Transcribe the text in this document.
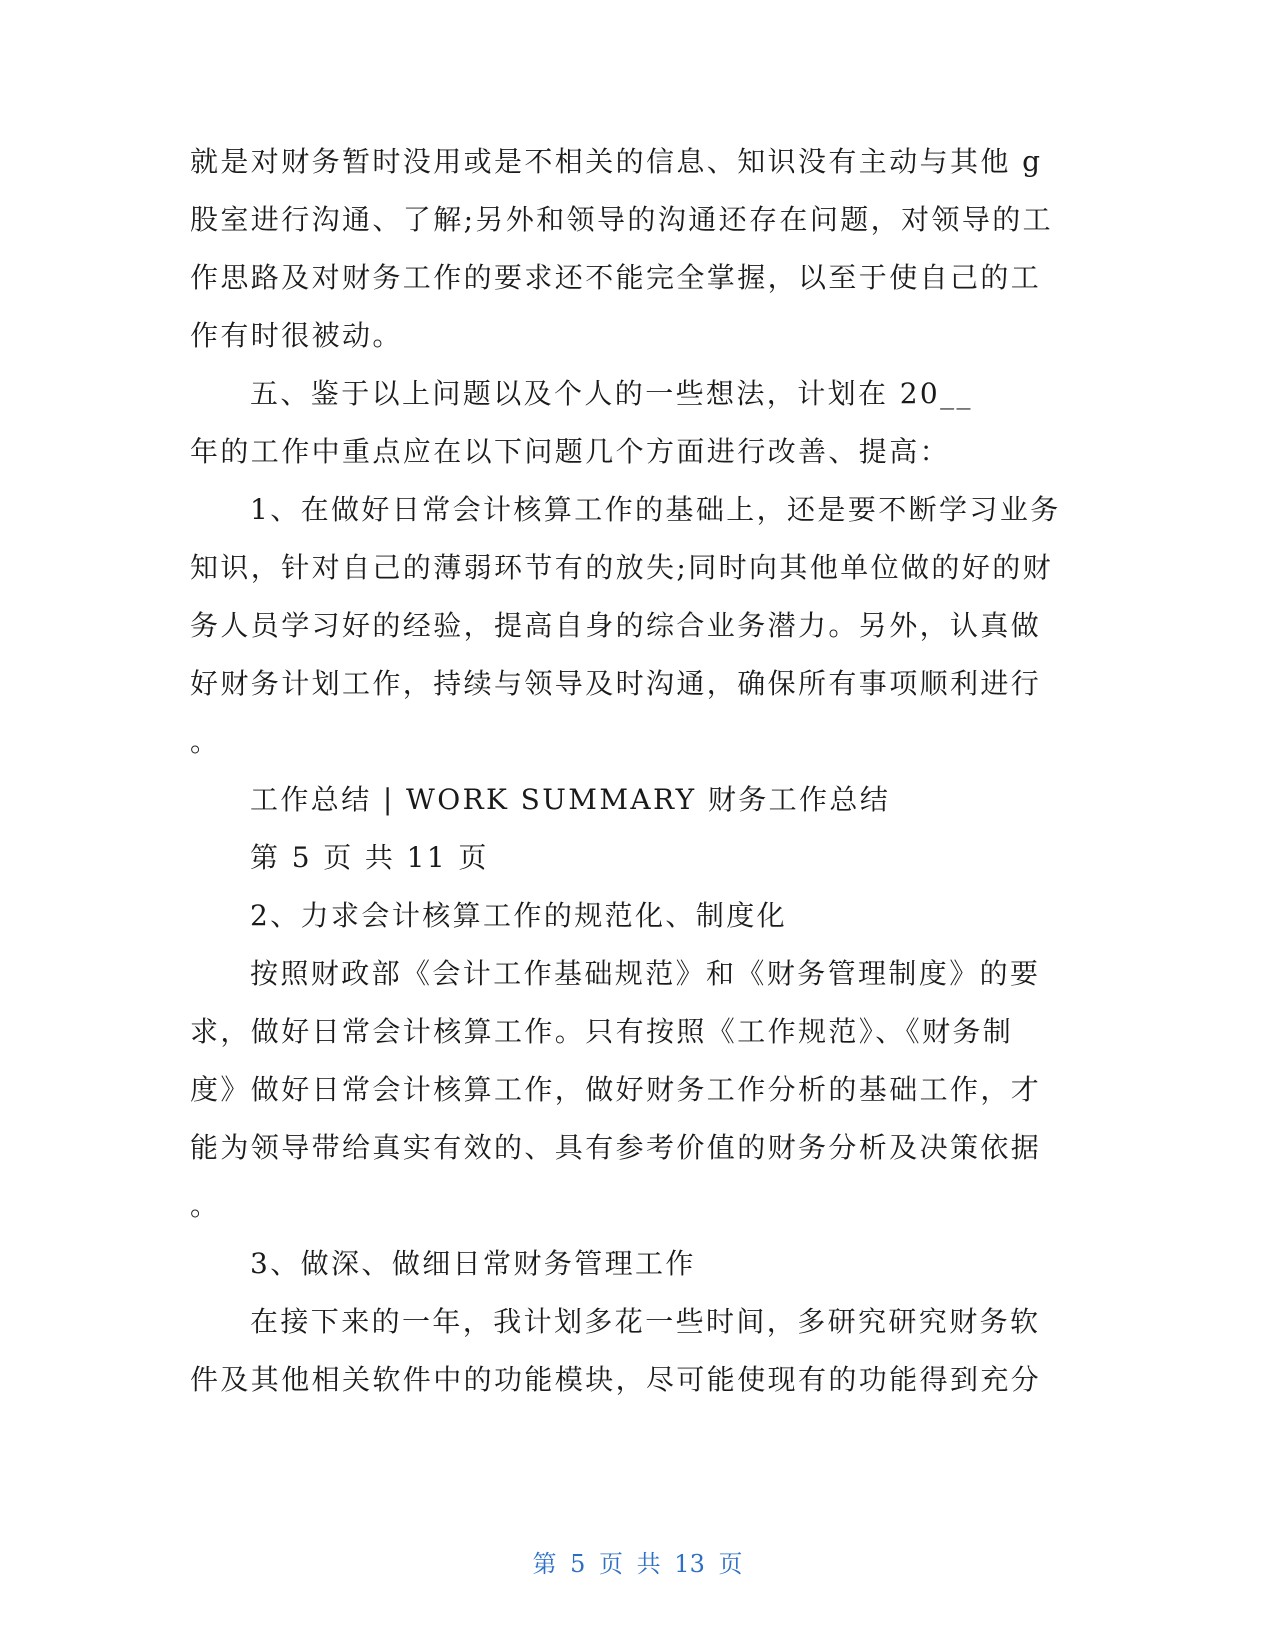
就是对财务暂时没用或是不相关的信息、知识没有主动与其他 g
股室进行沟通、了解;另外和领导的沟通还存在问题，对领导的工
作思路及对财务工作的要求还不能完全掌握，以至于使自己的工
作有时很被动。
五、鉴于以上问题以及个人的一些想法，计划在 20__
年的工作中重点应在以下问题几个方面进行改善、提高：
1、在做好日常会计核算工作的基础上，还是要不断学习业务
知识，针对自己的薄弱环节有的放失;同时向其他单位做的好的财
务人员学习好的经验，提高自身的综合业务潜力。另外，认真做
好财务计划工作，持续与领导及时沟通，确保所有事项顺利进行
。
工作总结 | WORK SUMMARY 财务工作总结
第 5 页 共 11 页
2、力求会计核算工作的规范化、制度化
按照财政部《会计工作基础规范》和《财务管理制度》的要
求，做好日常会计核算工作。只有按照《工作规范》、《财务制
度》做好日常会计核算工作，做好财务工作分析的基础工作，才
能为领导带给真实有效的、具有参考价值的财务分析及决策依据
。
3、做深、做细日常财务管理工作
在接下来的一年，我计划多花一些时间，多研究研究财务软
件及其他相关软件中的功能模块，尽可能使现有的功能得到充分
第 5 页 共 13 页
